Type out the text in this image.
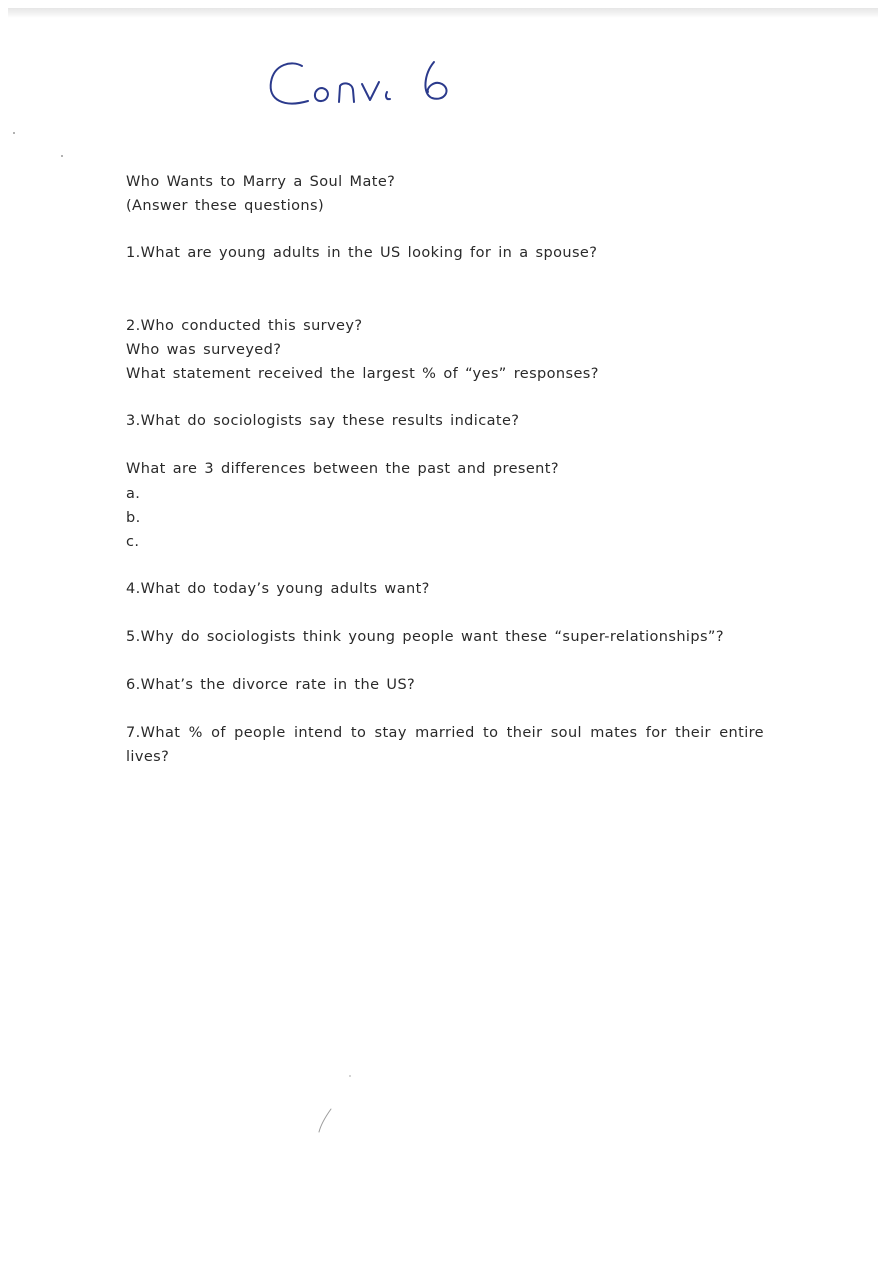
Who Wants to Marry a Soul Mate?

(Answer these questions)

1.What are young adults in the US looking for in a spouse?

2.Who conducted this survey?

Who was surveyed?

What statement received the largest % of “yes” responses?

3.What do sociologists say these results indicate?

What are 3 differences between the past and present?

a.

b.

c.

4.What do today’s young adults want?

5.Why do sociologists think young people want these “super-relationships”?

6.What’s the divorce rate in the US?

7.What % of people intend to stay married to their soul mates for their entire lives?
